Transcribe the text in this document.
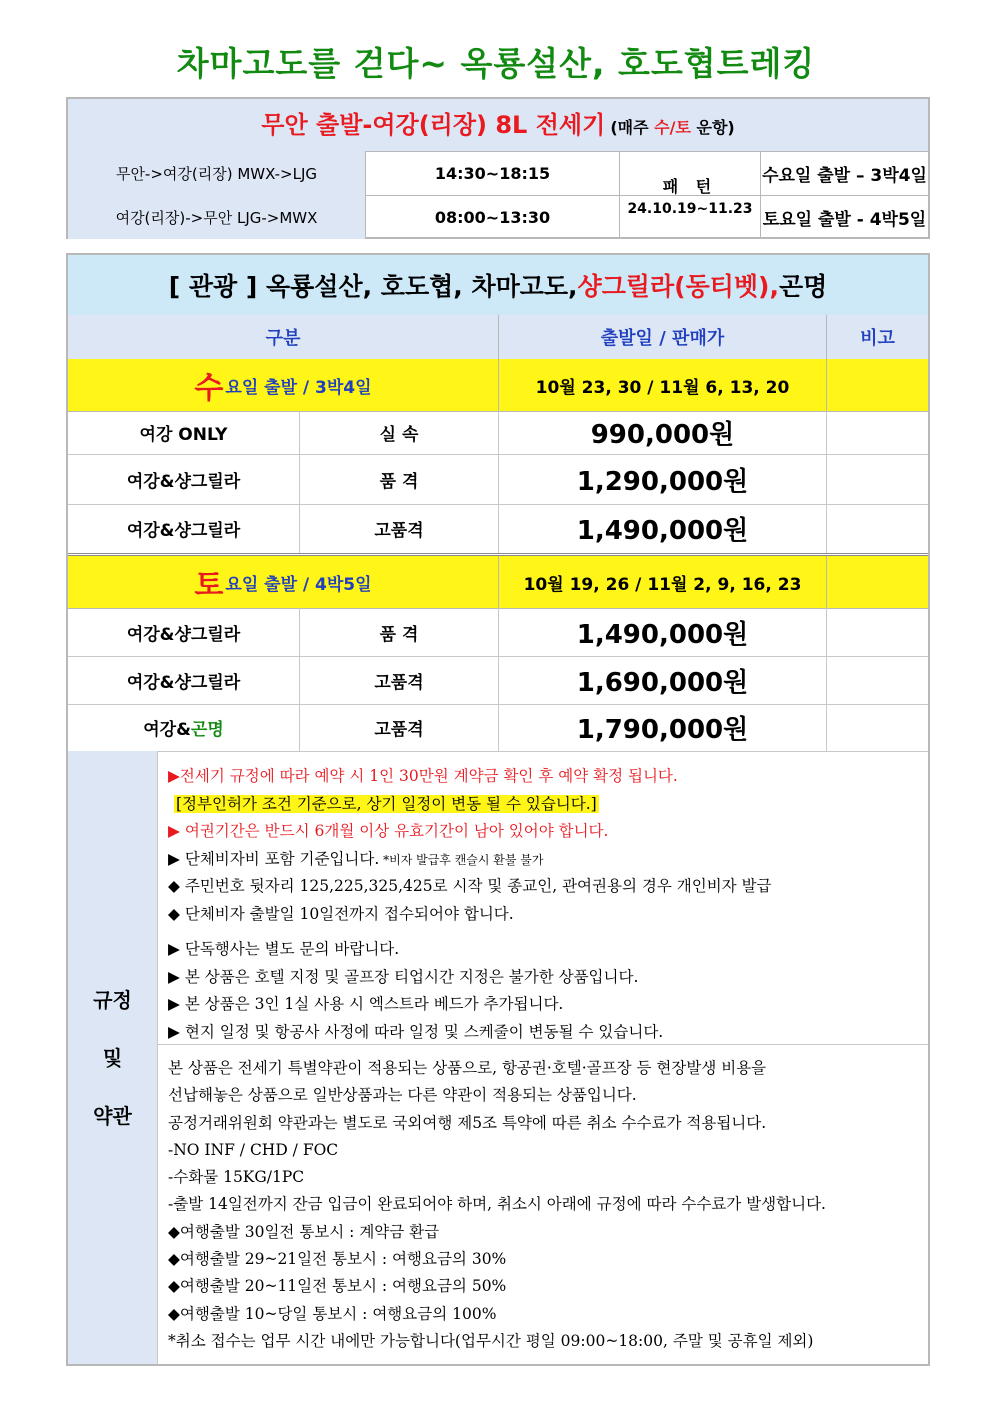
차마고도를 걷다~ 옥룡설산, 호도협트레킹
무안 출발-여강(리장) 8L 전세기 (매주 수/토 운항)
무안->여강(리장) MWX->LJG	14:30~18:15	수요일 출발 – 3박4일
여강(리장)->무안 LJG->MWX	08:00~13:30	토요일 출발 - 4박5일
패 턴
24.10.19~11.23
[ 관광 ] 옥룡설산, 호도협, 차마고도, 샹그릴라(동티벳), 곤명
구분	출발일 / 판매가	비고
수 요일 출발 / 3박4일	10월 23, 30 / 11월 6, 13, 20
여강 ONLY	실 속	990,000원
여강&샹그릴라	품 격	1,290,000원
여강&샹그릴라	고품격	1,490,000원
토 요일 출발 / 4박5일	10월 19, 26 / 11월 2, 9, 16, 23
여강&샹그릴라	품 격	1,490,000원
여강&샹그릴라	고품격	1,690,000원
여강& 곤명	고품격	1,790,000원
규정
및
약관

▶전세기 규정에 따라 예약 시 1인 30만원 계약금 확인 후 예약 확정 됩니다.

[정부인허가 조건 기준으로, 상기 일정이 변동 될 수 있습니다.]

▶ 여권기간은 반드시 6개월 이상 유효기간이 남아 있어야 합니다.

▶ 단체비자비 포함 기준입니다. *비자 발급후 캔슬시 환불 불가

◆ 주민번호 뒷자리 125,225,325,425로 시작 및 종교인, 관여권용의 경우 개인비자 발급

◆ 단체비자 출발일 10일전까지 접수되어야 합니다.

▶ 단독행사는 별도 문의 바랍니다.

▶ 본 상품은 호텔 지정 및 골프장 티업시간 지정은 불가한 상품입니다.

▶ 본 상품은 3인 1실 사용 시 엑스트라 베드가 추가됩니다.

▶ 현지 일정 및 항공사 사정에 따라 일정 및 스케줄이 변동될 수 있습니다.

본 상품은 전세기 특별약관이 적용되는 상품으로, 항공권·호텔·골프장 등 현장발생 비용을

선납해놓은 상품으로 일반상품과는 다른 약관이 적용되는 상품입니다.

공정거래위원회 약관과는 별도로 국외여행 제5조 특약에 따른 취소 수수료가 적용됩니다.

-NO INF / CHD / FOC

-수화물 15KG/1PC

-출발 14일전까지 잔금 입금이 완료되어야 하며, 취소시 아래에 규정에 따라 수수료가 발생합니다.

◆여행출발 30일전 통보시 : 계약금 환급

◆여행출발 29~21일전 통보시 : 여행요금의 30%

◆여행출발 20~11일전 통보시 : 여행요금의 50%

◆여행출발 10~당일 통보시 : 여행요금의 100%

*취소 접수는 업무 시간 내에만 가능합니다(업무시간 평일 09:00~18:00, 주말 및 공휴일 제외)
